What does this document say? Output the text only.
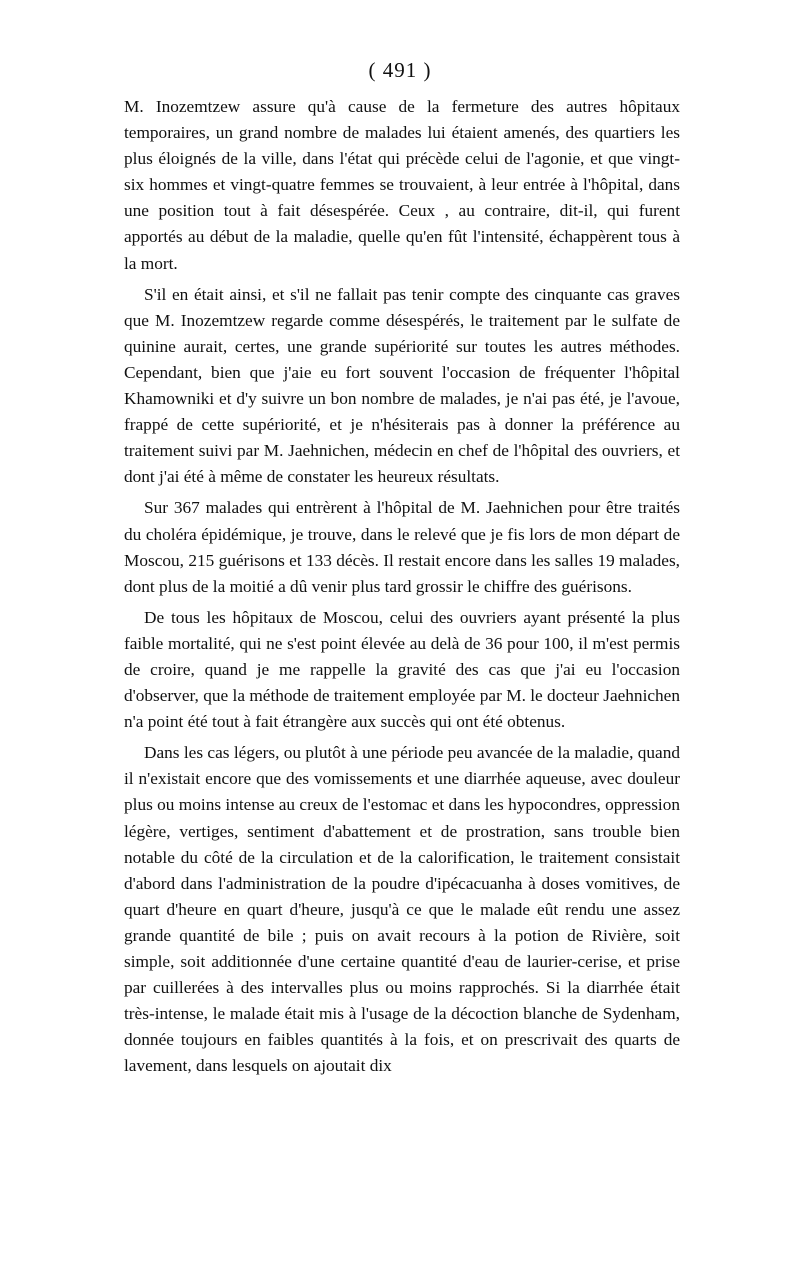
( 491 )

M. Inozemtzew assure qu'à cause de la fermeture des autres hôpitaux temporaires, un grand nombre de malades lui étaient amenés, des quartiers les plus éloignés de la ville, dans l'état qui précède celui de l'agonie, et que vingt-six hommes et vingt-quatre femmes se trouvaient, à leur entrée à l'hôpital, dans une position tout à fait désespérée. Ceux , au contraire, dit-il, qui furent apportés au début de la maladie, quelle qu'en fût l'intensité, échappèrent tous à la mort.

S'il en était ainsi, et s'il ne fallait pas tenir compte des cinquante cas graves que M. Inozemtzew regarde comme désespérés, le traitement par le sulfate de quinine aurait, certes, une grande supériorité sur toutes les autres méthodes. Cependant, bien que j'aie eu fort souvent l'occasion de fréquenter l'hôpital Khamowniki et d'y suivre un bon nombre de malades, je n'ai pas été, je l'avoue, frappé de cette supériorité, et je n'hésiterais pas à donner la préférence au traitement suivi par M. Jaehnichen, médecin en chef de l'hôpital des ouvriers, et dont j'ai été à même de constater les heureux résultats.

Sur 367 malades qui entrèrent à l'hôpital de M. Jaehnichen pour être traités du choléra épidémique, je trouve, dans le relevé que je fis lors de mon départ de Moscou, 215 guérisons et 133 décès. Il restait encore dans les salles 19 malades, dont plus de la moitié a dû venir plus tard grossir le chiffre des guérisons.

De tous les hôpitaux de Moscou, celui des ouvriers ayant présenté la plus faible mortalité, qui ne s'est point élevée au delà de 36 pour 100, il m'est permis de croire, quand je me rappelle la gravité des cas que j'ai eu l'occasion d'observer, que la méthode de traitement employée par M. le docteur Jaehnichen n'a point été tout à fait étrangère aux succès qui ont été obtenus.

Dans les cas légers, ou plutôt à une période peu avancée de la maladie, quand il n'existait encore que des vomissements et une diarrhée aqueuse, avec douleur plus ou moins intense au creux de l'estomac et dans les hypocondres, oppression légère, vertiges, sentiment d'abattement et de prostration, sans trouble bien notable du côté de la circulation et de la calorification, le traitement consistait d'abord dans l'administration de la poudre d'ipécacuanha à doses vomitives, de quart d'heure en quart d'heure, jusqu'à ce que le malade eût rendu une assez grande quantité de bile ; puis on avait recours à la potion de Rivière, soit simple, soit additionnée d'une certaine quantité d'eau de laurier-cerise, et prise par cuillerées à des intervalles plus ou moins rapprochés. Si la diarrhée était très-intense, le malade était mis à l'usage de la décoction blanche de Sydenham, donnée toujours en faibles quantités à la fois, et on prescrivait des quarts de lavement, dans lesquels on ajoutait dix
